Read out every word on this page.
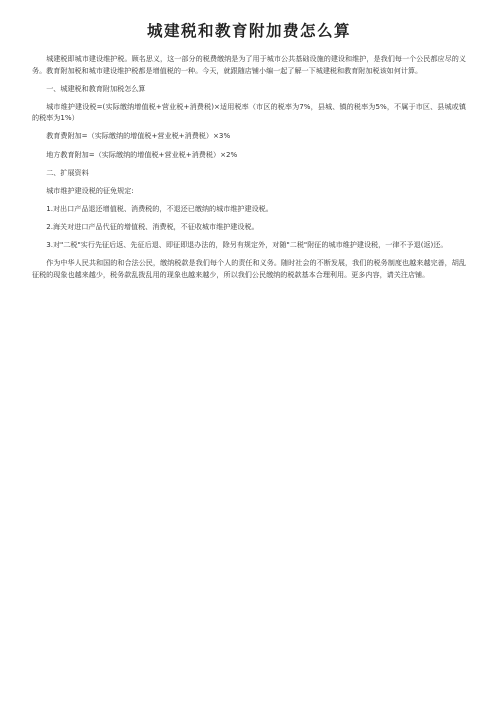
城建税和教育附加费怎么算

城建税即城市建设维护税。顾名思义，这一部分的税费缴纳是为了用于城市公共基础设施的建设和维护，是我们每一个公民都应尽的义务。教育附加税和城市建设维护税都是增值税的一种。今天，就跟随店铺小编一起了解一下城建税和教育附加税该如何计算。

一、城建税和教育附加税怎么算

城市维护建设税=(实际缴纳增值税+营业税+消费税)×适用税率（市区的税率为7%，县城、镇的税率为5%，不属于市区、县城或镇的税率为1%）

教育费附加=（实际缴纳的增值税+营业税+消费税）×3%

地方教育附加=（实际缴纳的增值税+营业税+消费税）×2%

二、扩展资料

城市维护建设税的征免规定:

1.对出口产品退还增值税、消费税的，不退还已缴纳的城市维护建设税。

2.海关对进口产品代征的增值税、消费税，不征收城市维护建设税。

3.对"二税"实行先征后返、先征后退、即征即退办法的，除另有规定外，对随"二税"附征的城市维护建设税，一律不予退(返)还。

作为中华人民共和国的和合法公民，缴纳税款是我们每个人的责任和义务。随时社会的不断发展，我们的税务制度也越来越完善，胡乱征税的现象也越来越少，税务款乱拨乱用的现象也越来越少，所以我们公民缴纳的税款基本合理利用。更多内容，请关注店铺。
